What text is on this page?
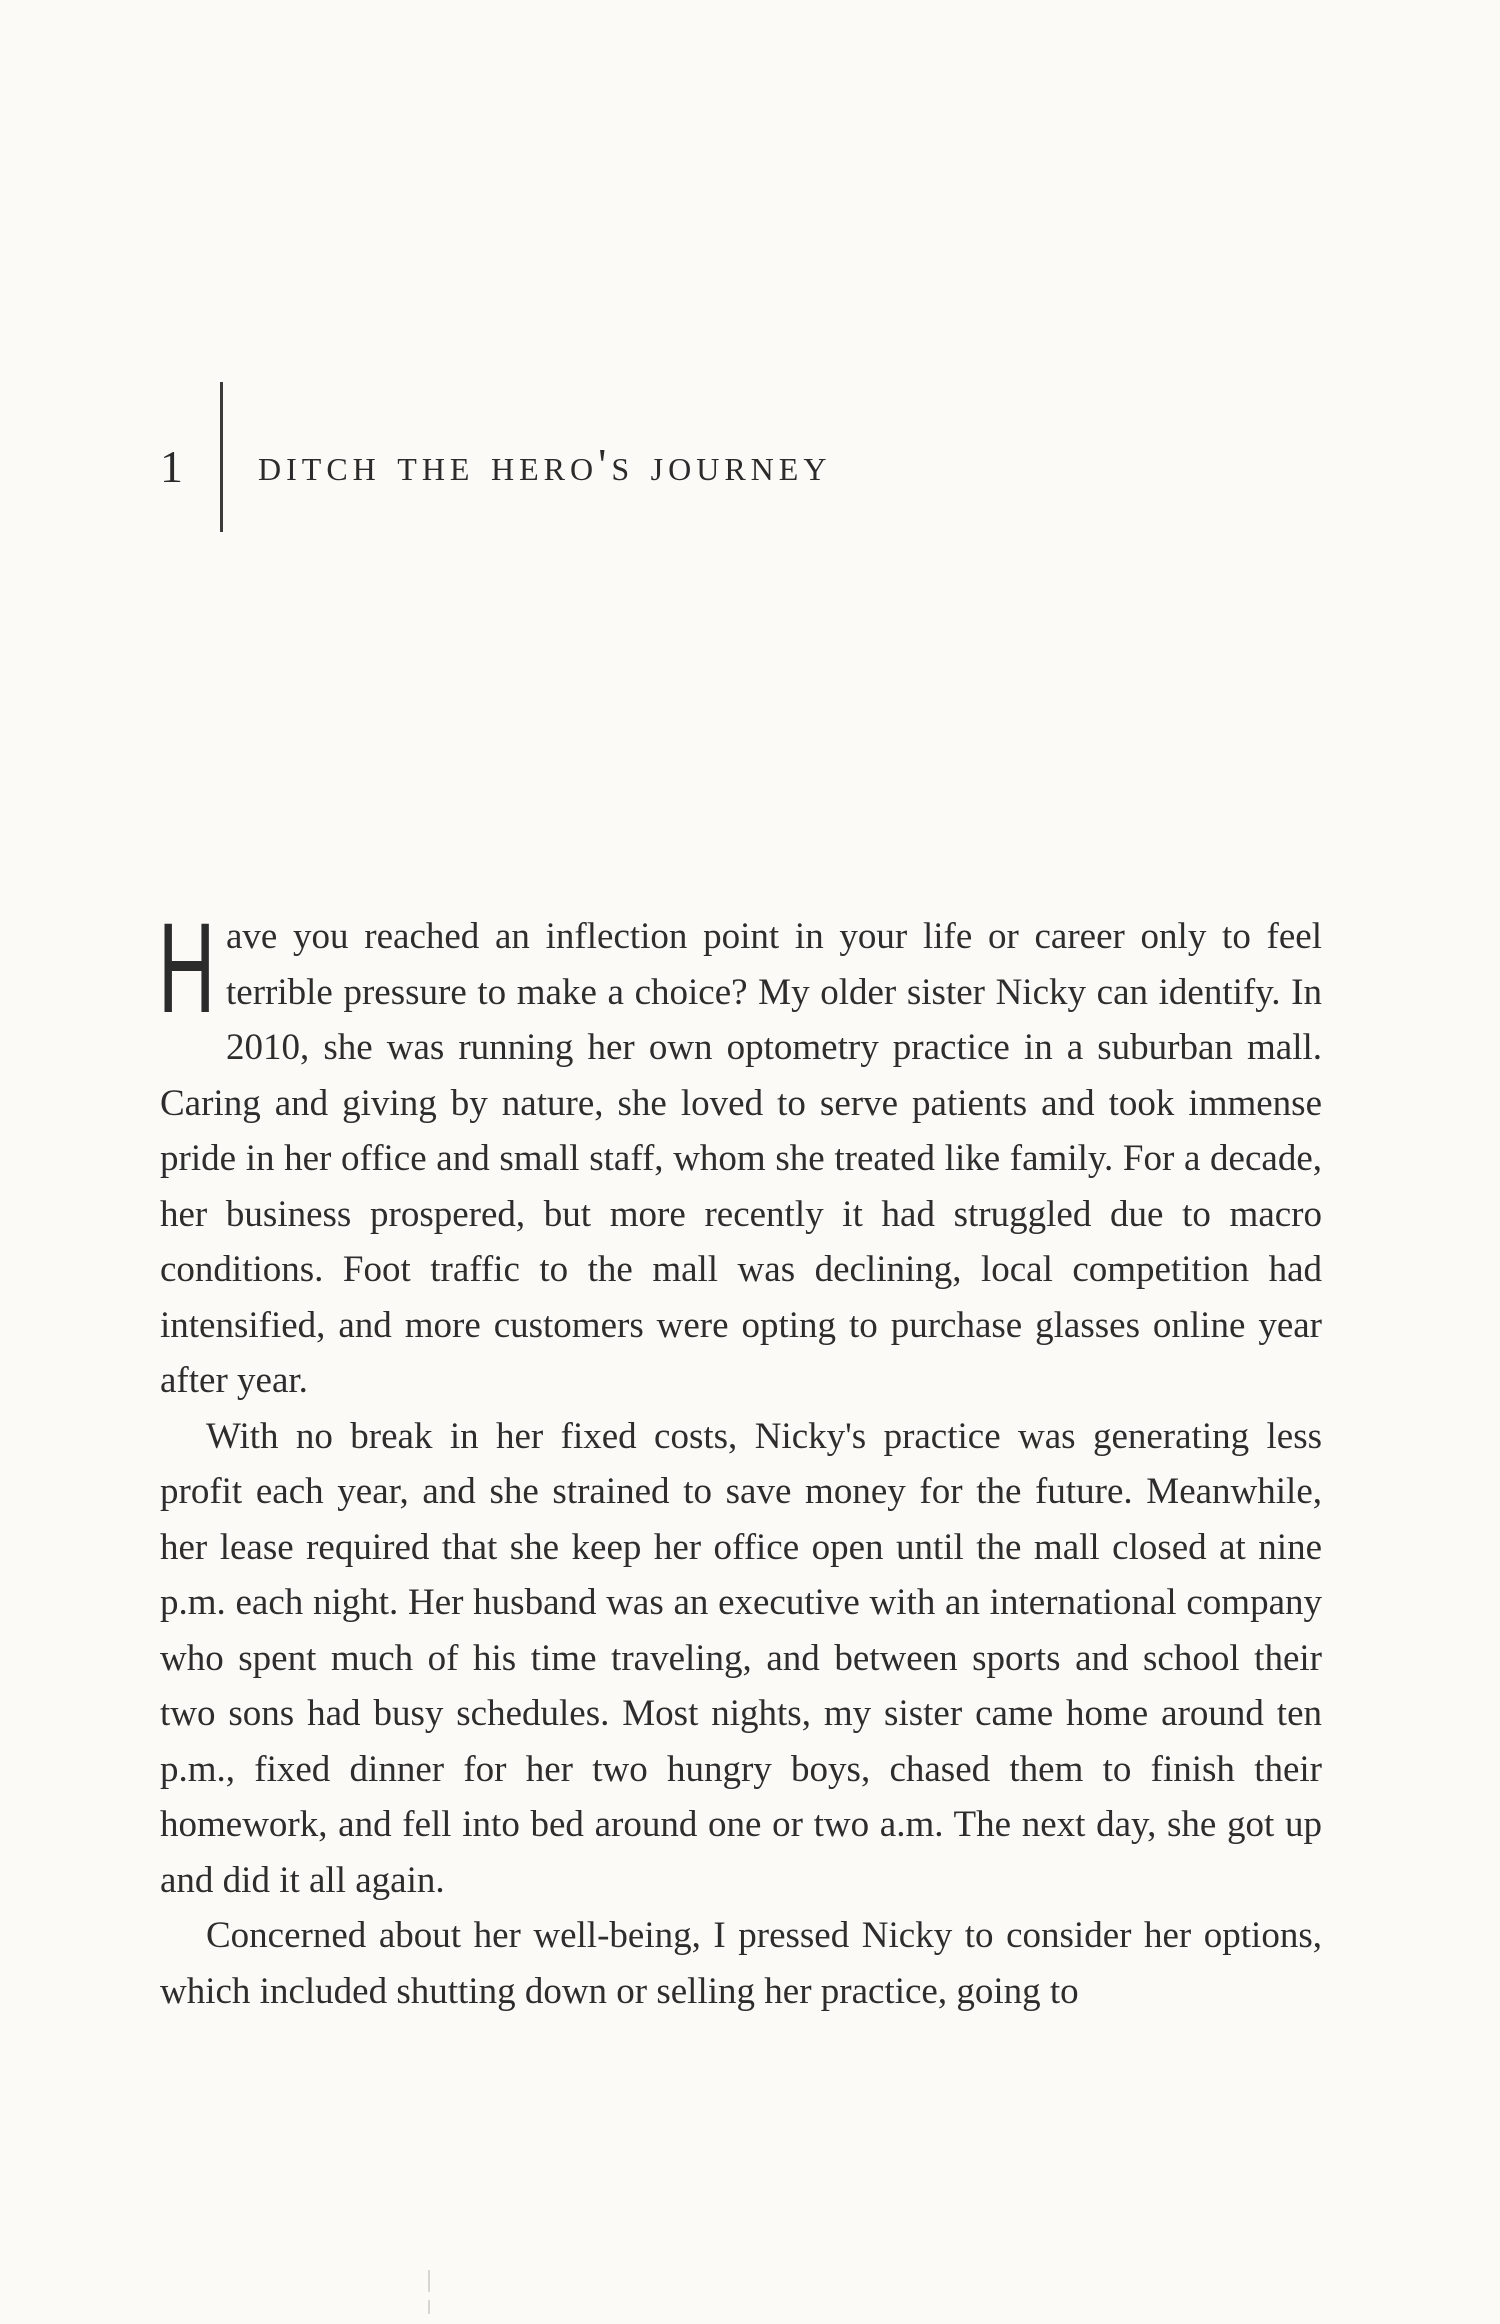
1 ditch the hero's journey

Have you reached an inflection point in your life or career only to feel terrible pressure to make a choice? My older sister Nicky can identify. In 2010, she was running her own optometry practice in a suburban mall. Caring and giving by nature, she loved to serve patients and took immense pride in her office and small staff, whom she treated like family. For a decade, her business prospered, but more recently it had struggled due to macro conditions. Foot traffic to the mall was declining, local competition had intensified, and more customers were opting to purchase glasses online year after year.

With no break in her fixed costs, Nicky's practice was generating less profit each year, and she strained to save money for the future. Meanwhile, her lease required that she keep her office open until the mall closed at nine p.m. each night. Her husband was an executive with an international company who spent much of his time traveling, and between sports and school their two sons had busy schedules. Most nights, my sister came home around ten p.m., fixed dinner for her two hungry boys, chased them to finish their homework, and fell into bed around one or two a.m. The next day, she got up and did it all again.

Concerned about her well-being, I pressed Nicky to consider her options, which included shutting down or selling her practice, going to
